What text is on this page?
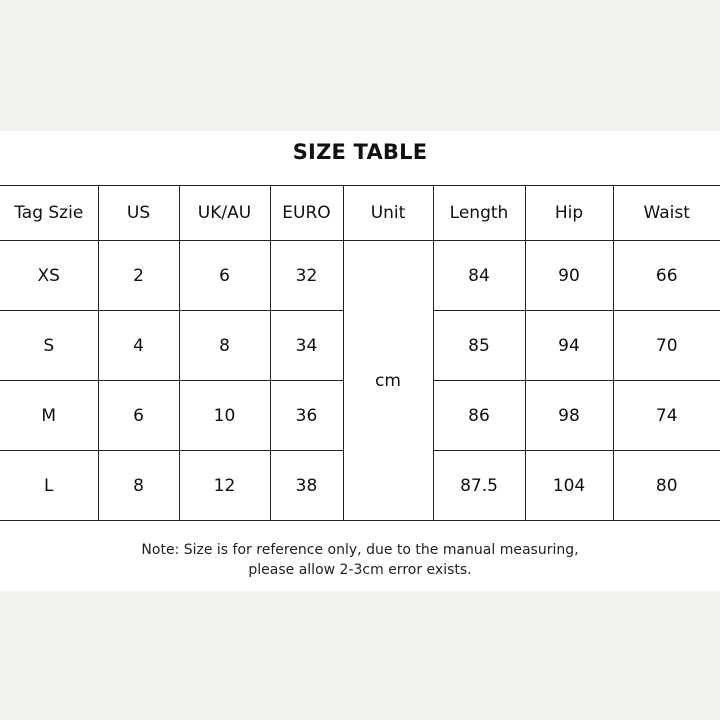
SIZE TABLE
Tag Szie	US	UK/AU	EURO	Unit	Length	Hip	Waist
XS	2	6	32	cm	84	90	66
S	4	8	34		85	94	70
M	6	10	36		86	98	74
L	8	12	38		87.5	104	80
Note: Size is for reference only, due to the manual measuring,
please allow 2-3cm error exists.
